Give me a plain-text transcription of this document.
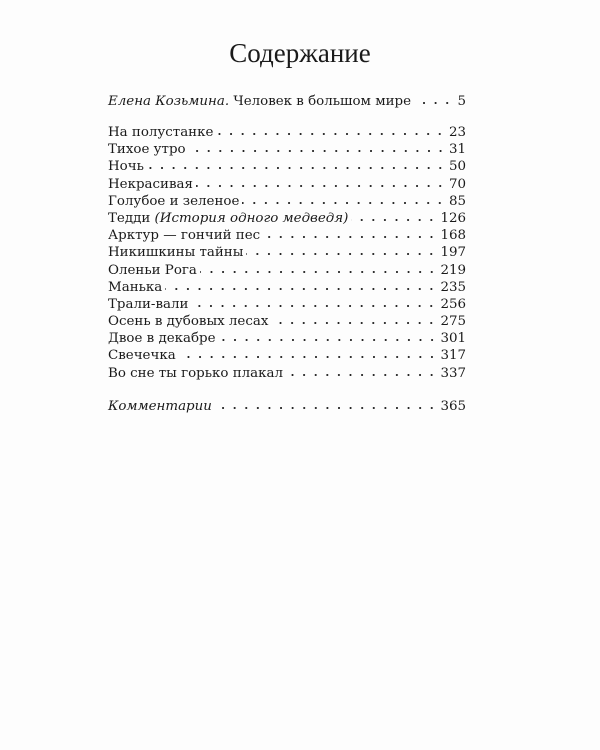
Содержание
Елена Козьмина. Человек в большом мире	5
На полустанке	23
Тихое утро	31
Ночь	50
Некрасивая	70
Голубое и зеленое	85
Тедди (История одного медведя)	126
Арктур — гончий пес	168
Никишкины тайны	197
Оленьи Рога	219
Манька	235
Трали-вали	256
Осень в дубовых лесах	275
Двое в декабре	301
Свечечка	317
Во сне ты горько плакал	337
Комментарии	365
